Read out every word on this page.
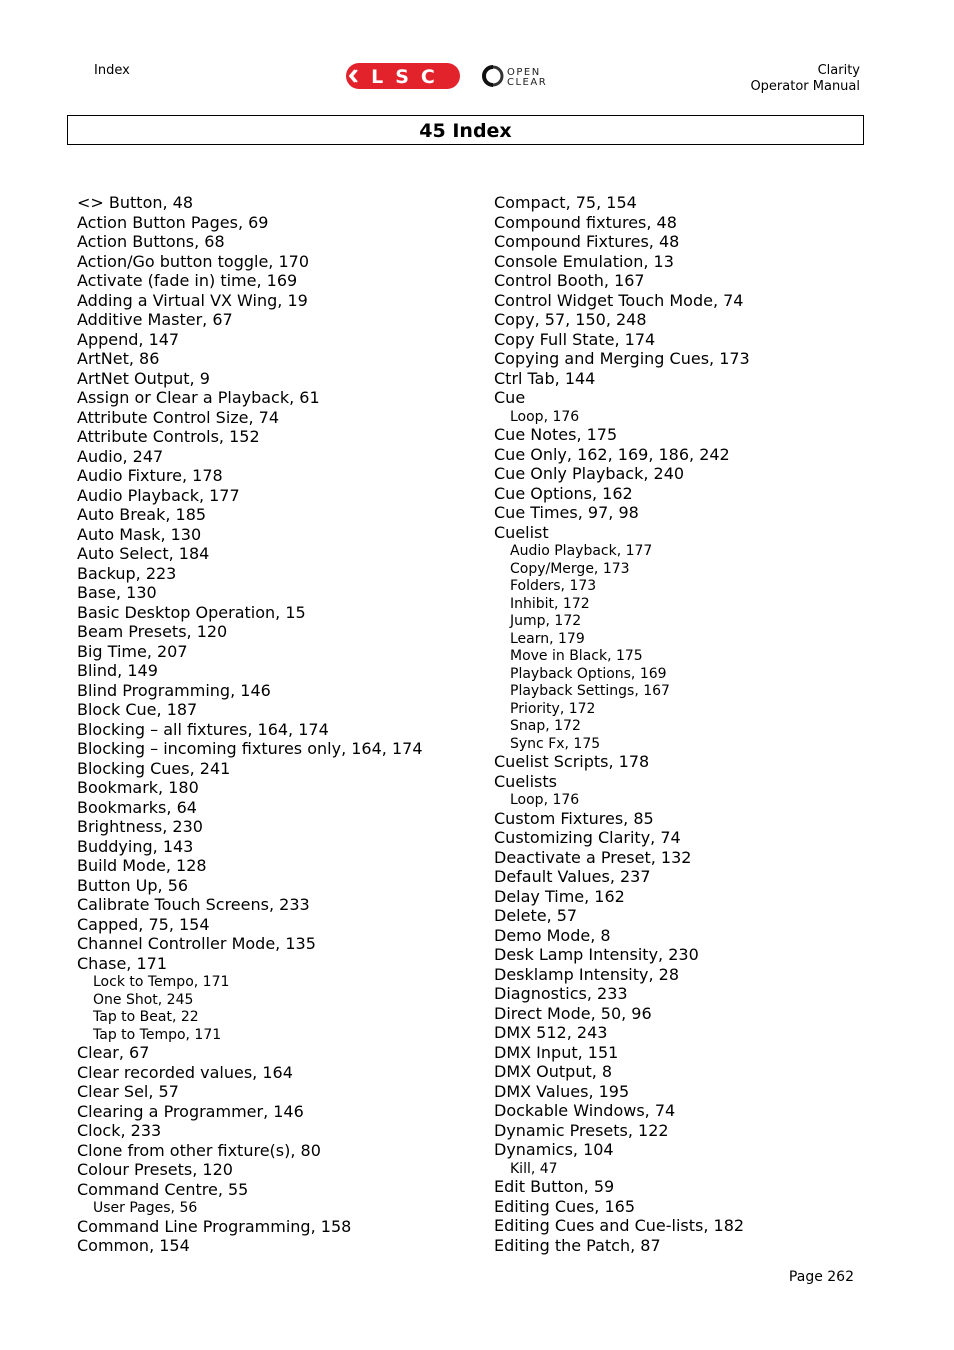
Index	LSC	OPEN
CLEAR
Clarity
Operator Manual
45 Index
<> Button, 48
Action Button Pages, 69
Action Buttons, 68
Action/Go button toggle, 170
Activate (fade in) time, 169
Adding a Virtual VX Wing, 19
Additive Master, 67
Append, 147
ArtNet, 86
ArtNet Output, 9
Assign or Clear a Playback, 61
Attribute Control Size, 74
Attribute Controls, 152
Audio, 247
Audio Fixture, 178
Audio Playback, 177
Auto Break, 185
Auto Mask, 130
Auto Select, 184
Backup, 223
Base, 130
Basic Desktop Operation, 15
Beam Presets, 120
Big Time, 207
Blind, 149
Blind Programming, 146
Block Cue, 187
Blocking – all fixtures, 164, 174
Blocking – incoming fixtures only, 164, 174
Blocking Cues, 241
Bookmark, 180
Bookmarks, 64
Brightness, 230
Buddying, 143
Build Mode, 128
Button Up, 56
Calibrate Touch Screens, 233
Capped, 75, 154
Channel Controller Mode, 135
Chase, 171
Lock to Tempo, 171
One Shot, 245
Tap to Beat, 22
Tap to Tempo, 171
Clear, 67
Clear recorded values, 164
Clear Sel, 57
Clearing a Programmer, 146
Clock, 233
Clone from other fixture(s), 80
Colour Presets, 120
Command Centre, 55
User Pages, 56
Command Line Programming, 158
Common, 154
Compact, 75, 154
Compound fixtures, 48
Compound Fixtures, 48
Console Emulation, 13
Control Booth, 167
Control Widget Touch Mode, 74
Copy, 57, 150, 248
Copy Full State, 174
Copying and Merging Cues, 173
Ctrl Tab, 144
Cue
Loop, 176
Cue Notes, 175
Cue Only, 162, 169, 186, 242
Cue Only Playback, 240
Cue Options, 162
Cue Times, 97, 98
Cuelist
Audio Playback, 177
Copy/Merge, 173
Folders, 173
Inhibit, 172
Jump, 172
Learn, 179
Move in Black, 175
Playback Options, 169
Playback Settings, 167
Priority, 172
Snap, 172
Sync Fx, 175
Cuelist Scripts, 178
Cuelists
Loop, 176
Custom Fixtures, 85
Customizing Clarity, 74
Deactivate a Preset, 132
Default Values, 237
Delay Time, 162
Delete, 57
Demo Mode, 8
Desk Lamp Intensity, 230
Desklamp Intensity, 28
Diagnostics, 233
Direct Mode, 50, 96
DMX 512, 243
DMX Input, 151
DMX Output, 8
DMX Values, 195
Dockable Windows, 74
Dynamic Presets, 122
Dynamics, 104
Kill, 47
Edit Button, 59
Editing Cues, 165
Editing Cues and Cue-lists, 182
Editing the Patch, 87
Page 262
